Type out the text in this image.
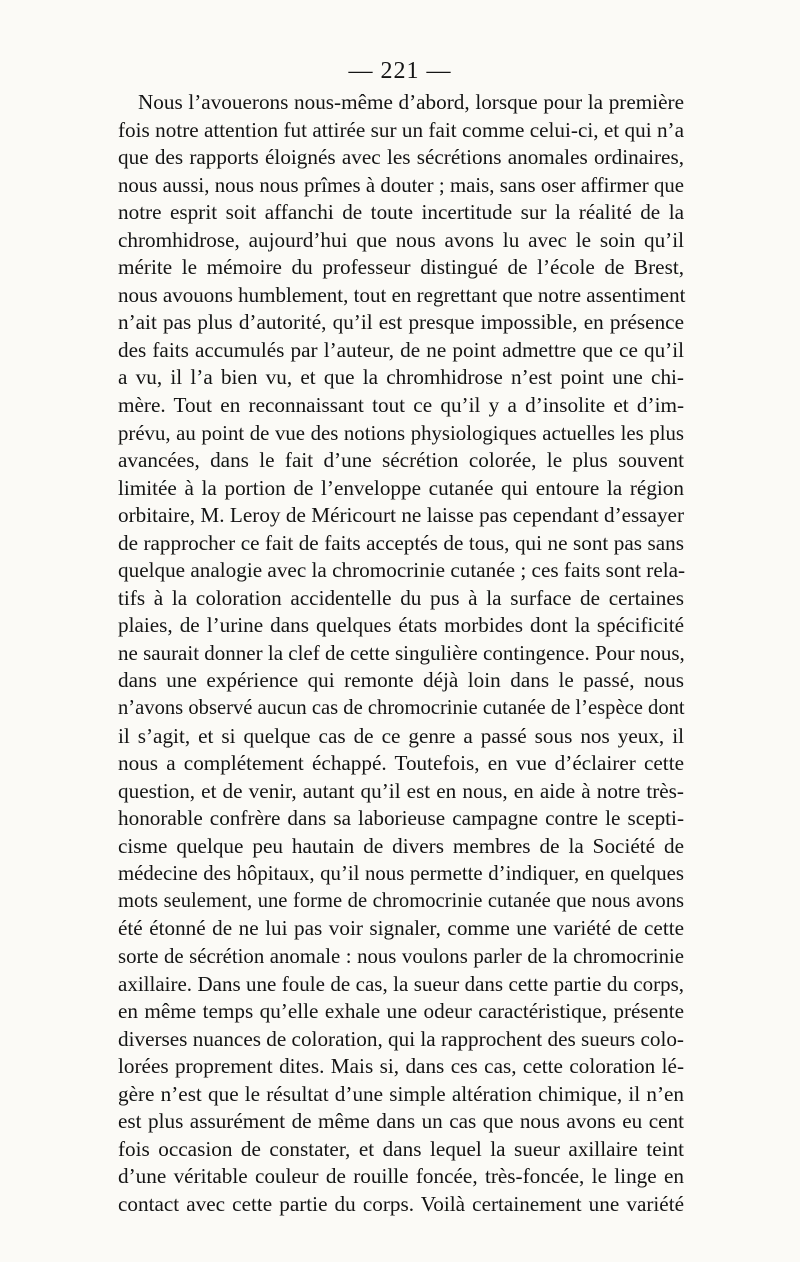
— 221 —
Nous l’avouerons nous-même d’abord, lorsque pour la première
fois notre attention fut attirée sur un fait comme celui-ci, et qui n’a
que des rapports éloignés avec les sécrétions anomales ordinaires,
nous aussi, nous nous prîmes à douter ; mais, sans oser affirmer que
notre esprit soit affanchi de toute incertitude sur la réalité de la
chromhidrose, aujourd’hui que nous avons lu avec le soin qu’il
mérite le mémoire du professeur distingué de l’école de Brest,
nous avouons humblement, tout en regrettant que notre assentiment
n’ait pas plus d’autorité, qu’il est presque impossible, en présence
des faits accumulés par l’auteur, de ne point admettre que ce qu’il
a vu, il l’a bien vu, et que la chromhidrose n’est point une chi-
mère. Tout en reconnaissant tout ce qu’il y a d’insolite et d’im-
prévu, au point de vue des notions physiologiques actuelles les plus
avancées, dans le fait d’une sécrétion colorée, le plus souvent
limitée à la portion de l’enveloppe cutanée qui entoure la région
orbitaire, M. Leroy de Méricourt ne laisse pas cependant d’essayer
de rapprocher ce fait de faits acceptés de tous, qui ne sont pas sans
quelque analogie avec la chromocrinie cutanée ; ces faits sont rela-
tifs à la coloration accidentelle du pus à la surface de certaines
plaies, de l’urine dans quelques états morbides dont la spécificité
ne saurait donner la clef de cette singulière contingence. Pour nous,
dans une expérience qui remonte déjà loin dans le passé, nous
n’avons observé aucun cas de chromocrinie cutanée de l’espèce dont
il s’agit, et si quelque cas de ce genre a passé sous nos yeux, il
nous a complétement échappé. Toutefois, en vue d’éclairer cette
question, et de venir, autant qu’il est en nous, en aide à notre très-
honorable confrère dans sa laborieuse campagne contre le scepti-
cisme quelque peu hautain de divers membres de la Société de
médecine des hôpitaux, qu’il nous permette d’indiquer, en quelques
mots seulement, une forme de chromocrinie cutanée que nous avons
été étonné de ne lui pas voir signaler, comme une variété de cette
sorte de sécrétion anomale : nous voulons parler de la chromocrinie
axillaire. Dans une foule de cas, la sueur dans cette partie du corps,
en même temps qu’elle exhale une odeur caractéristique, présente
diverses nuances de coloration, qui la rapprochent des sueurs colo-
lorées proprement dites. Mais si, dans ces cas, cette coloration lé-
gère n’est que le résultat d’une simple altération chimique, il n’en
est plus assurément de même dans un cas que nous avons eu cent
fois occasion de constater, et dans lequel la sueur axillaire teint
d’une véritable couleur de rouille foncée, très-foncée, le linge en
contact avec cette partie du corps. Voilà certainement une variété
